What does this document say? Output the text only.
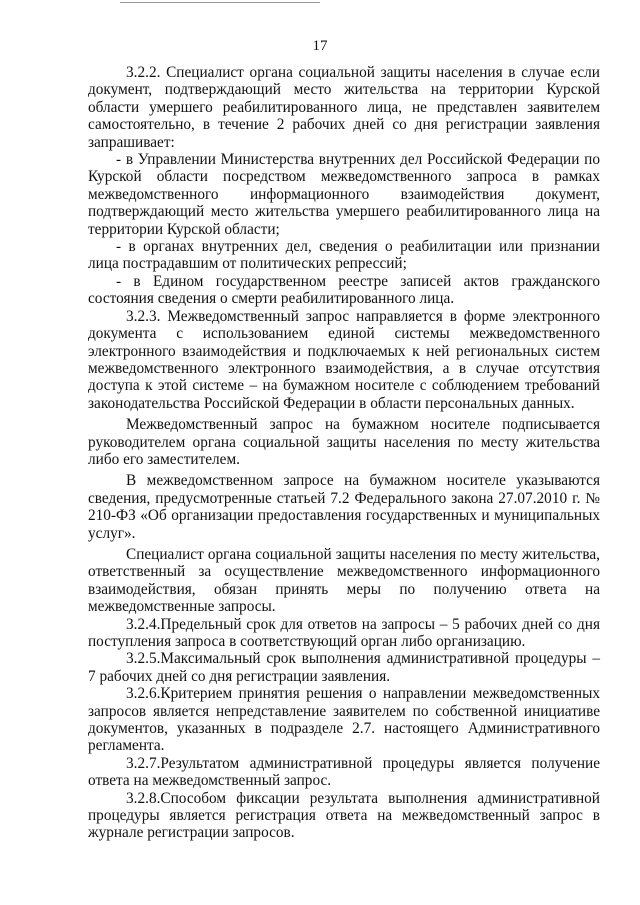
17

3.2.2. Специалист органа социальной защиты населения в случае если документ, подтверждающий место жительства на территории Курской области умершего реабилитированного лица, не представлен заявителем самостоятельно, в течение 2 рабочих дней со дня регистрации заявления запрашивает:

- в Управлении Министерства внутренних дел Российской Федерации по Курской области посредством межведомственного запроса в рамках межведомственного информационного взаимодействия документ, подтверждающий место жительства умершего реабилитированного лица на территории Курской области;

- в органах внутренних дел, сведения о реабилитации или признании лица пострадавшим от политических репрессий;

- в Едином государственном реестре записей актов гражданского состояния сведения о смерти реабилитированного лица.

3.2.3. Межведомственный запрос направляется в форме электронного документа с использованием единой системы межведомственного электронного взаимодействия и подключаемых к ней региональных систем межведомственного электронного взаимодействия, а в случае отсутствия доступа к этой системе – на бумажном носителе с соблюдением требований законодательства Российской Федерации в области персональных данных.

Межведомственный запрос на бумажном носителе подписывается руководителем органа социальной защиты населения по месту жительства либо его заместителем.

В межведомственном запросе на бумажном носителе указываются сведения, предусмотренные статьей 7.2 Федерального закона 27.07.2010 г. № 210-ФЗ «Об организации предоставления государственных и муниципальных услуг».

Специалист органа социальной защиты населения по месту жительства, ответственный за осуществление межведомственного информационного взаимодействия, обязан принять меры по получению ответа на межведомственные запросы.

3.2.4.Предельный срок для ответов на запросы – 5 рабочих дней со дня поступления запроса в соответствующий орган либо организацию.

3.2.5.Максимальный срок выполнения административной процедуры – 7 рабочих дней со дня регистрации заявления.

3.2.6.Критерием принятия решения о направлении межведомственных запросов является непредставление заявителем по собственной инициативе документов, указанных в подразделе 2.7. настоящего Административного регламента.

3.2.7.Результатом административной процедуры является получение ответа на межведомственный запрос.

3.2.8.Способом фиксации результата выполнения административной процедуры является регистрация ответа на межведомственный запрос в журнале регистрации запросов.
